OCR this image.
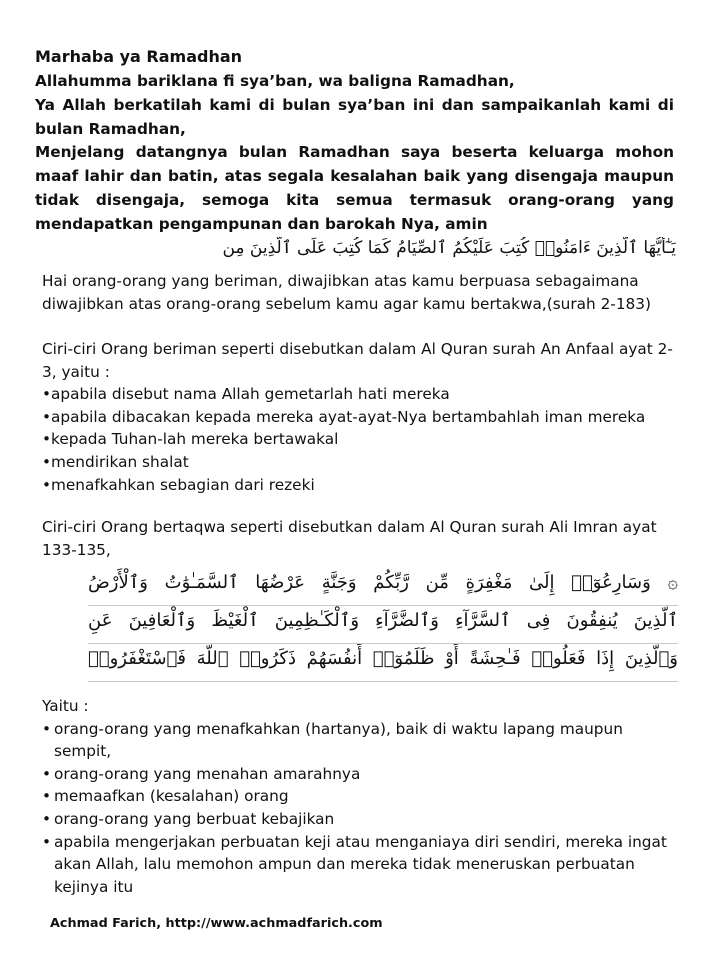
Marhaba ya Ramadhan

Allahumma bariklana fi sya’ban, wa baligna Ramadhan,

Ya Allah berkatilah kami di bulan sya’ban ini dan sampaikanlah kami di bulan Ramadhan,

Menjelang datangnya bulan Ramadhan saya beserta keluarga mohon maaf lahir dan batin, atas segala kesalahan baik yang disengaja maupun tidak disengaja, semoga kita semua termasuk orang-orang yang mendapatkan pengampunan dan barokah Nya, amin

يَـٰٓأَيُّهَا ٱلَّذِينَ ءَامَنُوا۟ كُتِبَ عَلَيْكُمُ ٱلصِّيَامُ كَمَا كُتِبَ عَلَى ٱلَّذِينَ مِن

Hai orang-orang yang beriman, diwajibkan atas kamu berpuasa sebagaimana diwajibkan atas orang-orang sebelum kamu agar kamu bertakwa,(surah 2-183)

Ciri-ciri Orang beriman seperti disebutkan dalam Al Quran surah An Anfaal ayat 2-3, yaitu :

• apabila disebut nama Allah gemetarlah hati mereka
• apabila dibacakan kepada mereka ayat-ayat-Nya bertambahlah iman mereka
• kepada Tuhan-lah mereka bertawakal
• mendirikan shalat
• menafkahkan sebagian dari rezeki

Ciri-ciri Orang bertaqwa seperti disebutkan dalam Al Quran surah Ali Imran ayat 133-135,

۞ وَسَارِعُوٓا۟ إِلَىٰ مَغْفِرَةٍ مِّن رَّبِّكُمْ وَجَنَّةٍ عَرْضُهَا ٱلسَّمَـٰوَٰتُ وَٱلْأَرْضُ
ٱلَّذِينَ يُنفِقُونَ فِى ٱلسَّرَّآءِ وَٱلضَّرَّآءِ وَٱلْكَـٰظِمِينَ ٱلْغَيْظَ وَٱلْعَافِينَ عَنِ
وَٱلَّذِينَ إِذَا فَعَلُوا۟ فَـٰحِشَةً أَوْ ظَلَمُوٓا۟ أَنفُسَهُمْ ذَكَرُوا۟ ٱللَّهَ فَٱسْتَغْفَرُوا۟

Yaitu :

• orang-orang yang menafkahkan (hartanya), baik di waktu lapang maupun sempit,
• orang-orang yang menahan amarahnya
• memaafkan (kesalahan) orang
• orang-orang yang berbuat kebajikan
• apabila mengerjakan perbuatan keji atau menganiaya diri sendiri, mereka ingat akan Allah, lalu memohon ampun dan mereka tidak meneruskan perbuatan kejinya itu
Achmad Farich, http://www.achmadfarich.com
